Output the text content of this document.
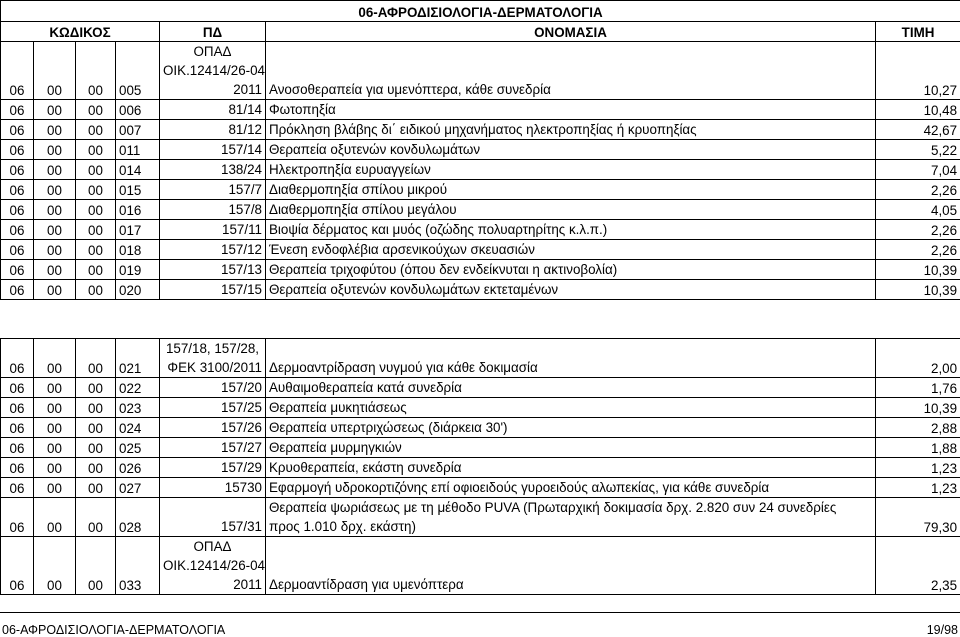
06-ΑΦΡΟΔΙΣΙΟΛΟΓΙΑ-ΔΕΡΜΑΤΟΛΟΓΙΑ						
ΚΩΔΙΚΟΣ				ΠΔ	ΟΝΟΜΑΣΙΑ	ΤΙΜΗ
06	00	00	005	ΟΠΑΔ
ΟΙΚ.12414/26-04
2011	Ανοσοθεραπεία για υμενόπτερα, κάθε συνεδρία	10,27
06	00	00	006	81/14	Φωτοπηξία	10,48
06	00	00	007	81/12	Πρόκληση βλάβης δι΄ ειδικού μηχανήματος ηλεκτροπηξίας ή κρυοπηξίας	42,67
06	00	00	011	157/14	Θεραπεία οξυτενών κονδυλωμάτων	5,22
06	00	00	014	138/24	Ηλεκτροπηξία ευρυαγγείων	7,04
06	00	00	015	157/7	Διαθερμοπηξία σπίλου μικρού	2,26
06	00	00	016	157/8	Διαθερμοπηξία σπίλου μεγάλου	4,05
06	00	00	017	157/11	Βιοψία δέρματος και μυός (οζώδης πολυαρτηρίτης κ.λ.π.)	2,26
06	00	00	018	157/12	Ένεση ενδοφλέβια αρσενικούχων σκευασιών	2,26
06	00	00	019	157/13	Θεραπεία τριχοφύτου (όπου δεν ενδείκνυται η ακτινοβολία)	10,39
06	00	00	020	157/15	Θεραπεία οξυτενών κονδυλωμάτων εκτεταμένων	10,39

06	00	00	021	157/18, 157/28,
ΦΕΚ 3100/2011	Δερμοαντρίδραση νυγμού για κάθε δοκιμασία	2,00
06	00	00	022	157/20	Αυθαιμοθεραπεία κατά συνεδρία	1,76
06	00	00	023	157/25	Θεραπεία μυκητιάσεως	10,39
06	00	00	024	157/26	Θεραπεία υπερτριχώσεως (διάρκεια 30')	2,88
06	00	00	025	157/27	Θεραπεία μυρμηγκιών	1,88
06	00	00	026	157/29	Κρυοθεραπεία, εκάστη συνεδρία	1,23
06	00	00	027	15730	Εφαρμογή υδροκορτιζόνης επί οφιοειδούς γυροειδούς αλωπεκίας, για κάθε συνεδρία	1,23
06	00	00	028	157/31	Θεραπεία ψωριάσεως με τη μέθοδο PUVA (Πρωταρχική δοκιμασία δρχ. 2.820 συν 24 συνεδρίες
προς 1.010 δρχ. εκάστη)	79,30
06	00	00	033	ΟΠΑΔ
ΟΙΚ.12414/26-04
2011	Δερμοαντίδραση για υμενόπτερα	2,35
06-ΑΦΡΟΔΙΣΙΟΛΟΓΙΑ-ΔΕΡΜΑΤΟΛΟΓΙΑ	19/98
